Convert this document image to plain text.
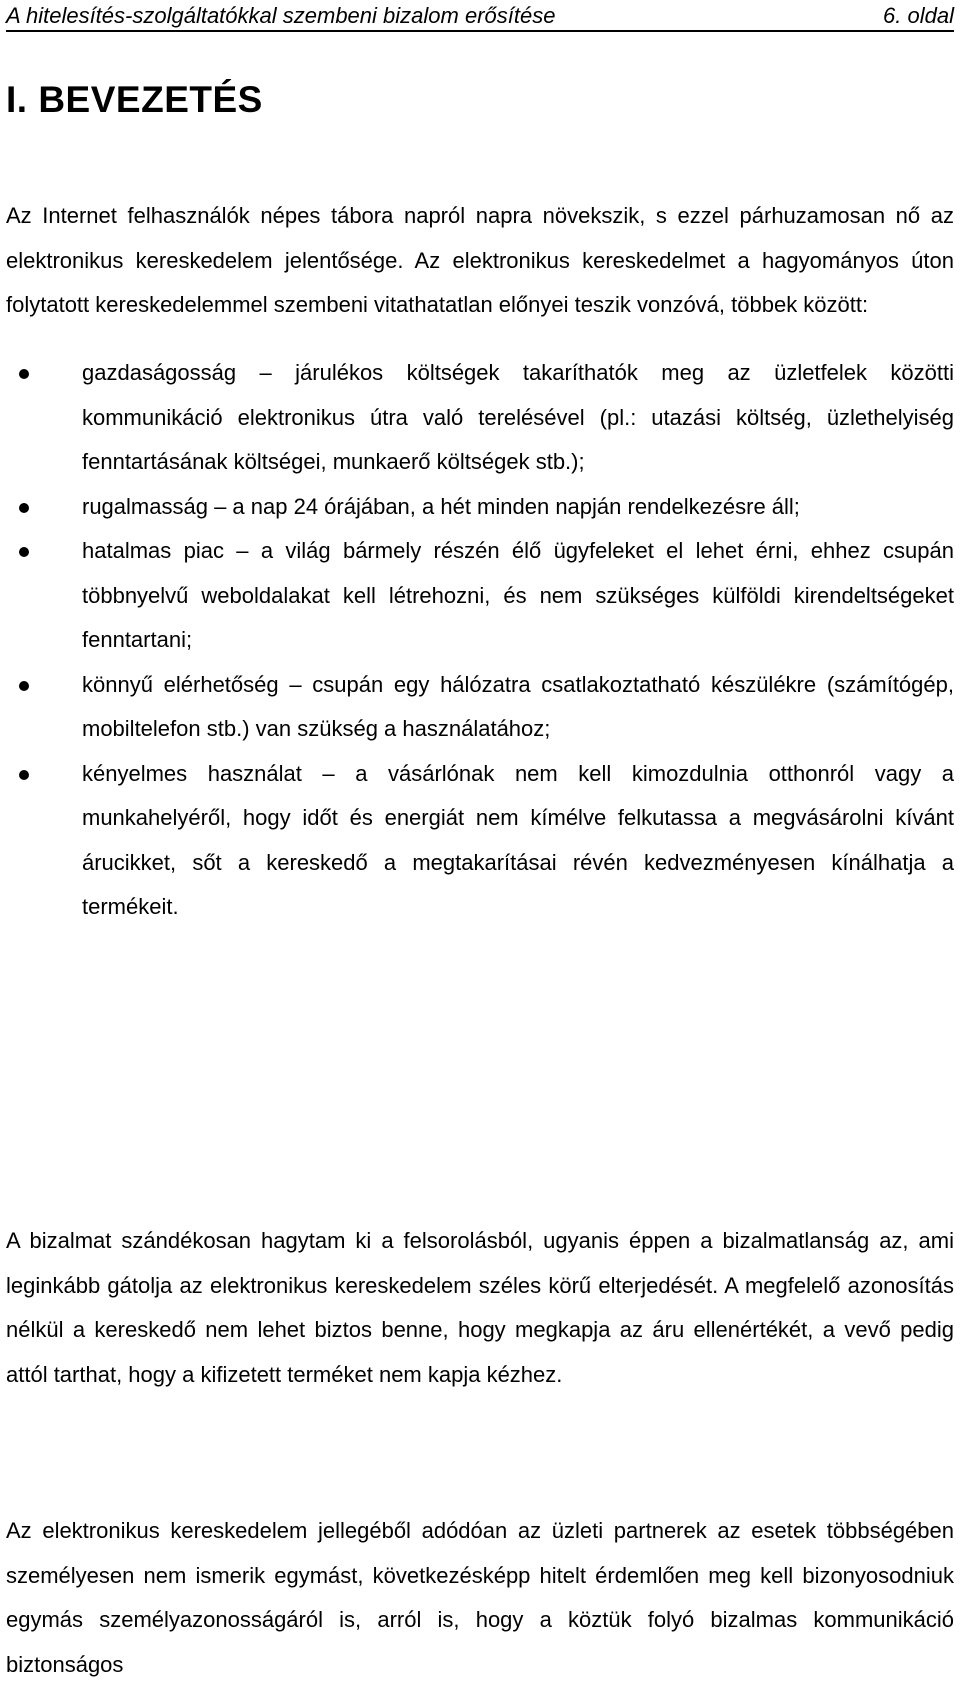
A hitelesítés-szolgáltatókkal szembeni bizalom erősítése	6. oldal
I. BEVEZETÉS

Az Internet felhasználók népes tábora napról napra növekszik, s ezzel párhuzamosan nő az elektronikus kereskedelem jelentősége. Az elektronikus kereskedelmet a hagyományos úton folytatott kereskedelemmel szembeni vitathatatlan előnyei teszik vonzóvá, többek között:

gazdaságosság – járulékos költségek takaríthatók meg az üzletfelek közötti kommunikáció elektronikus útra való terelésével (pl.: utazási költség, üzlethelyiség fenntartásának költségei, munkaerő költségek stb.);
rugalmasság – a nap 24 órájában, a hét minden napján rendelkezésre áll;
hatalmas piac – a világ bármely részén élő ügyfeleket el lehet érni, ehhez csupán többnyelvű weboldalakat kell létrehozni, és nem szükséges külföldi kirendeltségeket fenntartani;
könnyű elérhetőség – csupán egy hálózatra csatlakoztatható készülékre (számítógép, mobiltelefon stb.) van szükség a használatához;
kényelmes használat – a vásárlónak nem kell kimozdulnia otthonról vagy a munkahelyéről, hogy időt és energiát nem kímélve felkutassa a megvásárolni kívánt árucikket, sőt a kereskedő a megtakarításai révén kedvezményesen kínálhatja a termékeit.

A bizalmat szándékosan hagytam ki a felsorolásból, ugyanis éppen a bizalmatlanság az, ami leginkább gátolja az elektronikus kereskedelem széles körű elterjedését. A megfelelő azonosítás nélkül a kereskedő nem lehet biztos benne, hogy megkapja az áru ellenértékét, a vevő pedig attól tarthat, hogy a kifizetett terméket nem kapja kézhez.

Az elektronikus kereskedelem jellegéből adódóan az üzleti partnerek az esetek többségében személyesen nem ismerik egymást, következésképp hitelt érdemlően meg kell bizonyosodniuk egymás személyazonosságáról is, arról is, hogy a köztük folyó bizalmas kommunikáció biztonságos
